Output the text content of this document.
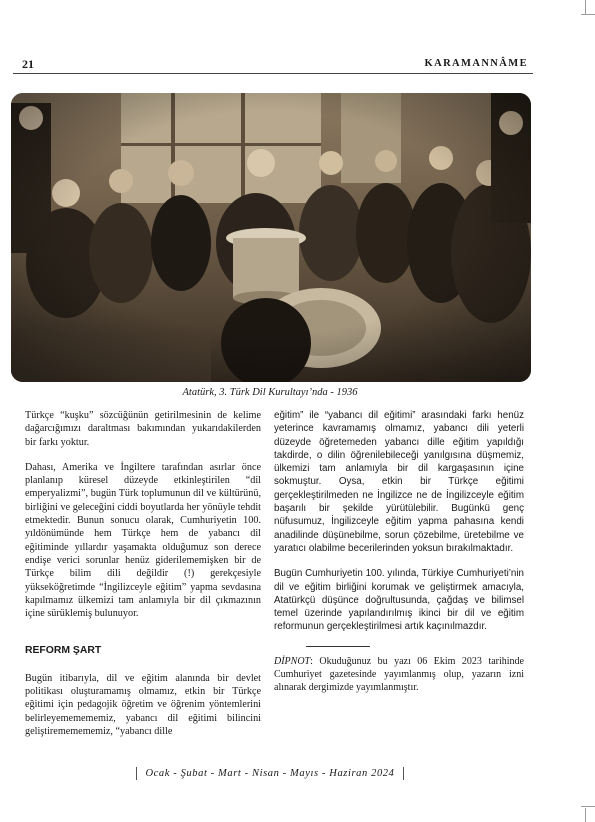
21	KARAMANNÂME
Atatürk, 3. Türk Dil Kurultayı’nda - 1936

Türkçe “kuşku” sözcüğünün getirilmesinin de kelime dağarcığımızı daraltması bakımından yukarıdakilerden bir farkı yoktur.

Dahası, Amerika ve İngiltere tarafından asırlar önce planlanıp küresel düzeyde etkinleştirilen “dil emperyalizmi”, bugün Türk toplumunun dil ve kültürünü, birliğini ve geleceğini ciddi boyutlarda her yönüyle tehdit etmektedir. Bunun sonucu olarak, Cumhuriyetin 100. yıldönümünde hem Türkçe hem de yabancı dil eğitiminde yıllardır yaşamakta olduğumuz son derece endişe verici sorunlar henüz giderilememişken bir de Türkçe bilim dili değildir (!) gerekçesiyle yükseköğretimde “İngilizceyle eğitim” yapma sevdasına kapılmamız ülkemizi tam anlamıyla bir dil çıkmazının içine sürüklemiş bulunuyor.

REFORM ŞART

Bugün itibarıyla, dil ve eğitim alanında bir devlet politikası oluşturamamış olmamız, etkin bir Türkçe eğitimi için pedagojik öğretim ve öğrenim yöntemlerini belirleyememememiz, yabancı dil eğitimi bilincini geliştirememememiz, “yabancı dille

eğitim” ile “yabancı dil eğitimi” arasındaki farkı henüz yeterince kavramamış olmamız, yabancı dili yeterli düzeyde öğretemeden yabancı dille eğitim yapıldığı takdirde, o dilin öğrenilebileceği yanılgısına düşmemiz, ülkemizi tam anlamıyla bir dil kargaşasının içine sokmuştur. Oysa, etkin bir Türkçe eğitimi gerçekleştirilmeden ne İngilizce ne de İngilizceyle eğitim başarılı bir şekilde yürütülebilir. Bugünkü genç nüfusumuz, İngilizceyle eğitim yapma pahasına kendi anadilinde düşünebilme, sorun çözebilme, üretebilme ve yaratıcı olabilme becerilerinden yoksun bırakılmaktadır.

Bugün Cumhuriyetin 100. yılında, Türkiye Cumhuriyeti’nin dil ve eğitim birliğini korumak ve geliştirmek amacıyla, Atatürkçü düşünce doğrultusunda, çağdaş ve bilimsel temel üzerinde yapılandırılmış ikinci bir dil ve eğitim reformunun gerçekleştirilmesi artık kaçınılmazdır.

DİPNOT: Okuduğunuz bu yazı 06 Ekim 2023 tarihinde Cumhuriyet gazetesinde yayımlanmış olup, yazarın izni alınarak dergimizde yayımlanmıştır.

Ocak - Şubat - Mart - Nisan - Mayıs - Haziran 2024
